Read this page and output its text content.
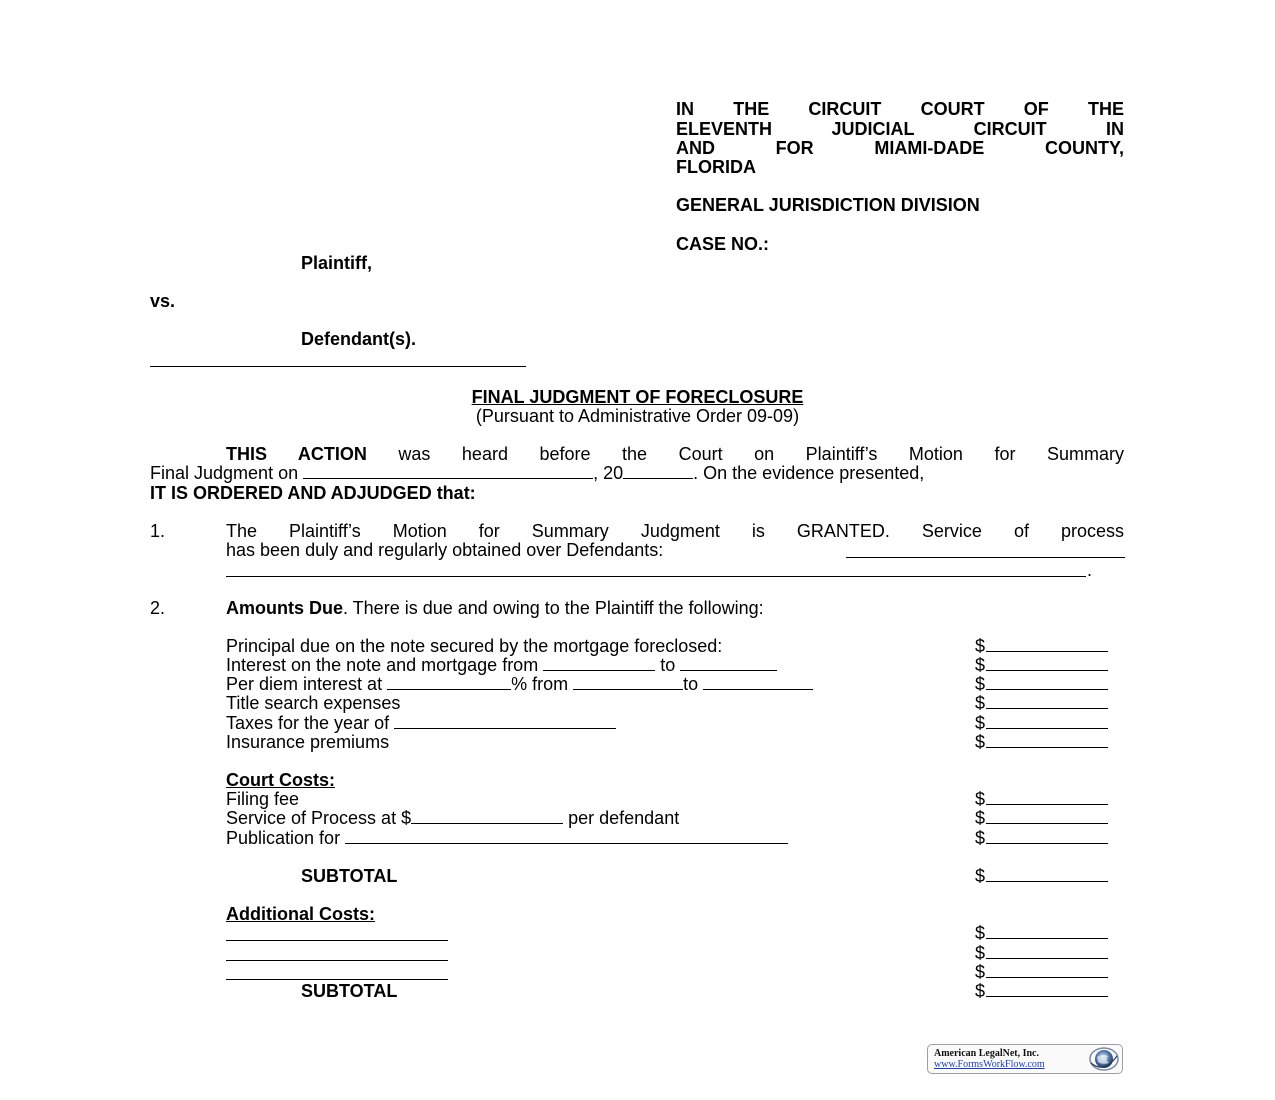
IN THE CIRCUIT COURT OF THE
ELEVENTH JUDICIAL CIRCUIT IN
AND FOR MIAMI-DADE COUNTY,
FLORIDA
GENERAL JURISDICTION DIVISION
CASE NO.:
Plaintiff,
vs.
Defendant(s).
FINAL JUDGMENT OF FORECLOSURE
(Pursuant to Administrative Order 09-09)
THIS ACTION was heard before the Court on Plaintiff’s Motion for Summary
Final Judgment on	, 20	. On the evidence presented,
IT IS ORDERED AND ADJUDGED that:
1.	The Plaintiff’s Motion for Summary Judgment is GRANTED. Service of process
has been duly and regularly obtained over Defendants:
.
2.	Amounts Due. There is due and owing to the Plaintiff the following:
Principal due on the note secured by the mortgage foreclosed:	$
Interest on the note and mortgage from	to	$
Per diem interest at	% from	to	$
Title search expenses	$
Taxes for the year of	$
Insurance premiums	$
Court Costs:
Filing fee	$
Service of Process at $	per defendant	$
Publication for	$
SUBTOTAL	$
Additional Costs:
$
$
$
SUBTOTAL	$
American LegalNet, Inc.
www.FormsWorkFlow.com
